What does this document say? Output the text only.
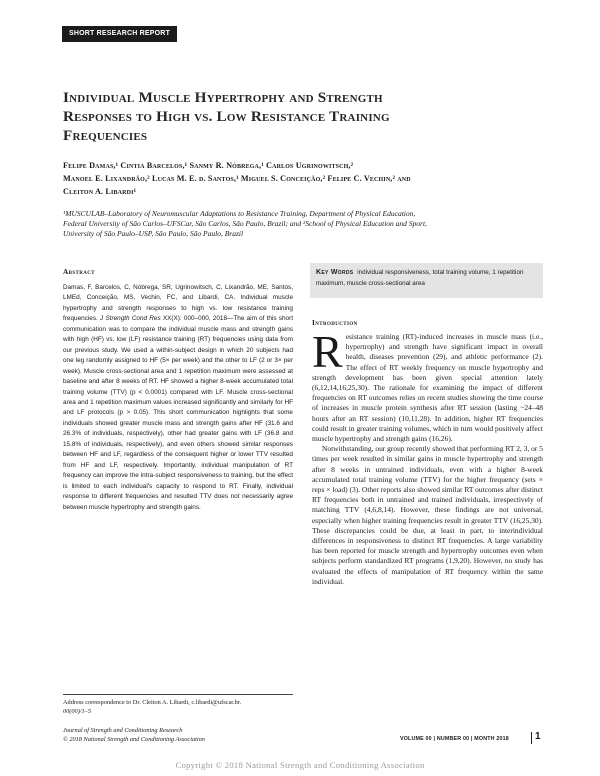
SHORT RESEARCH REPORT
Individual Muscle Hypertrophy and Strength
Responses to High vs. Low Resistance Training
Frequencies
Felipe Damas,¹ Cintia Barcelos,¹ Sanmy R. Nóbrega,¹ Carlos Ugrinowitsch,²
Manoel E. Lixandrão,² Lucas M. E. d. Santos,¹ Miguel S. Conceição,² Felipe C. Vechin,² and
Cleiton A. Libardi¹
¹MUSCULAB–Laboratory of Neuromuscular Adaptations to Resistance Training, Department of Physical Education,
Federal University of São Carlos–UFSCar, São Carlos, São Paulo, Brazil; and ²School of Physical Education and Sport,
University of São Paulo–USP, São Paulo, São Paulo, Brazil
Abstract
Damas, F, Barcelos, C, Nóbrega, SR, Ugrinowitsch, C, Lixandrão, ME, Santos, LMEd, Conceição, MS, Vechin, FC, and Libardi, CA. Individual muscle hypertrophy and strength responses to high vs. low resistance training frequencies. J Strength Cond Res XX(X): 000–000, 2018—The aim of this short communication was to compare the individual muscle mass and strength gains with high (HF) vs. low (LF) resistance training (RT) frequencies using data from our previous study. We used a within-subject design in which 20 subjects had one leg randomly assigned to HF (5× per week) and the other to LF (2 or 3× per week). Muscle cross-sectional area and 1 repetition maximum were assessed at baseline and after 8 weeks of RT. HF showed a higher 8-week accumulated total training volume (TTV) (p < 0.0001) compared with LF. Muscle cross-sectional area and 1 repetition maximum values increased significantly and similarly for HF and LF protocols (p > 0.05). This short communication highlights that some individuals showed greater muscle mass and strength gains after HF (31.6 and 26.3% of individuals, respectively), other had greater gains with LF (36.8 and 15.8% of individuals, respectively), and even others showed similar responses between HF and LF, regardless of the consequent higher or lower TTV resulted from HF and LF, respectively. Importantly, individual manipulation of RT frequency can improve the intra-subject responsiveness to training, but the effect is limited to each individual's capacity to respond to RT. Finally, individual response to different frequencies and resulted TTV does not necessarily agree between muscle hypertrophy and strength gains.
Key Words individual responsiveness, total training volume, 1 repetition maximum, muscle cross-sectional area
Introduction

Resistance training (RT)-induced increases in muscle mass (i.e., hypertrophy) and strength have significant impact in overall health, diseases prevention (29), and athletic performance (2). The effect of RT weekly frequency on muscle hypertrophy and strength development has been given special attention lately (6,12,14,16,25,30). The rationale for examining the impact of different frequencies on RT outcomes relies on recent studies showing the time course of increases in muscle protein synthesis after RT session (lasting ~24–48 hours after an RT session) (10,11,28). In addition, higher RT frequencies could result in greater training volumes, which in turn would positively affect muscle hypertrophy and strength gains (16,26).

Notwithstanding, our group recently showed that performing RT 2, 3, or 5 times per week resulted in similar gains in muscle hypertrophy and strength after 8 weeks in untrained individuals, even with a higher 8-week accumulated total training volume (TTV) for the higher frequency (sets × reps × load) (3). Other reports also showed similar RT outcomes after distinct RT frequencies both in untrained and trained individuals, irrespectively of matching TTV (4,6,8,14). However, these findings are not universal, especially when higher training frequencies result in greater TTV (16,25,30). These discrepancies could be due, at least in part, to interindividual differences in responsiveness to distinct RT frequencies. A large variability has been reported for muscle strength and hypertrophy outcomes even when subjects perform standardized RT programs (1,9,20). However, no study has evaluated the effects of manipulation of RT frequency within the same individual.

Address correspondence to Dr. Cleiton A. Libardi, c.libardi@ufscar.br.
00(00)/1–5
Journal of Strength and Conditioning Research
© 2018 National Strength and Conditioning Association	VOLUME 00 | NUMBER 00 | MONTH 2018	1
Copyright © 2018 National Strength and Conditioning Association
